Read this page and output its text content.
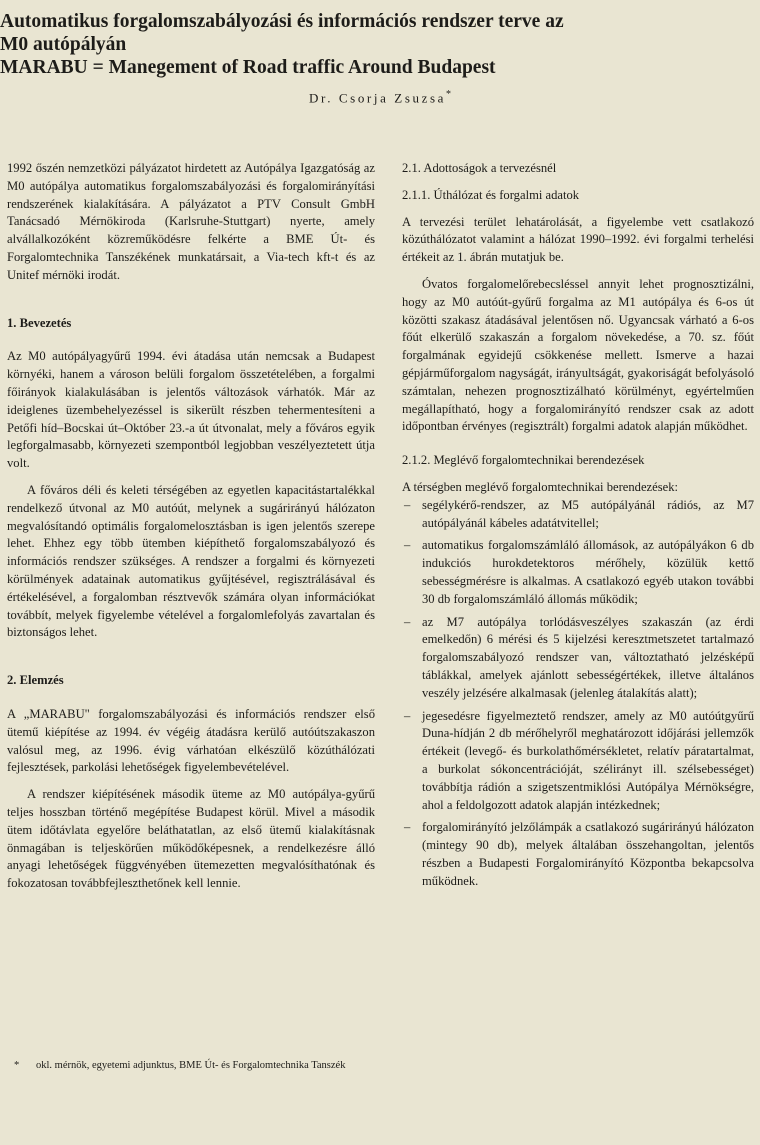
Automatikus forgalomszabályozási és információs rendszer terve az

M0 autópályán

MARABU = Manegement of Road traffic Around Budapest

Dr. Csorja Zsuzsa*

1992 őszén nemzetközi pályázatot hirdetett az Autópálya Igazgatóság az M0 autópálya automatikus forgalomszabályozási és forgalomirányítási rendszerének kialakítására. A pályázatot a PTV Consult GmbH Tanácsadó Mérnökiroda (Karlsruhe-Stuttgart) nyerte, amely alvállalkozóként közreműködésre felkérte a BME Út- és Forgalomtechnika Tanszékének munkatársait, a Via-tech kft-t és az Unitef mérnöki irodát.

1. Bevezetés

Az M0 autópályagyűrű 1994. évi átadása után nemcsak a Budapest környéki, hanem a városon belüli forgalom összetételében, a forgalmi főirányok kialakulásában is jelentős változások várhatók. Már az ideiglenes üzembehelyezéssel is sikerült részben tehermentesíteni a Petőfi híd–Bocskai út–Október 23.-a út útvonalat, mely a főváros egyik legforgalmasabb, környezeti szempontból legjobban veszélyeztetett útja volt.

A főváros déli és keleti térségében az egyetlen kapacitástartalékkal rendelkező útvonal az M0 autóút, melynek a sugárirányú hálózaton megvalósítandó optimális forgalomelosztásban is igen jelentős szerepe lehet. Ehhez egy több ütemben kiépíthető forgalomszabályozó és információs rendszer szükséges. A rendszer a forgalmi és környezeti körülmények adatainak automatikus gyűjtésével, regisztrálásával és értékelésével, a forgalomban résztvevők számára olyan információkat továbbít, melyek figyelembe vételével a forgalomlefolyás zavartalan és biztonságos lehet.

2. Elemzés

A „MARABU" forgalomszabályozási és információs rendszer első ütemű kiépítése az 1994. év végéig átadásra kerülő autóútszakaszon valósul meg, az 1996. évig várhatóan elkészülő közúthálózati fejlesztések, parkolási lehetőségek figyelembevételével.

A rendszer kiépítésének második üteme az M0 autópálya-gyűrű teljes hosszban történő megépítése Budapest körül. Mivel a második ütem időtávlata egyelőre beláthatatlan, az első ütemű kialakításnak önmagában is teljeskörűen működőképesnek, a rendelkezésre álló anyagi lehetőségek függvényében ütemezetten megvalósíthatónak és fokozatosan továbbfejleszthetőnek kell lennie.

2.1. Adottoságok a tervezésnél

2.1.1. Úthálózat és forgalmi adatok

A tervezési terület lehatárolását, a figyelembe vett csatlakozó közúthálózatot valamint a hálózat 1990–1992. évi forgalmi terhelési értékeit az 1. ábrán mutatjuk be.

Óvatos forgalomelőrebecsléssel annyit lehet prognosztizálni, hogy az M0 autóút-gyűrű forgalma az M1 autópálya és 6-os út közötti szakasz átadásával jelentősen nő. Ugyancsak várható a 6-os főút elkerülő szakaszán a forgalom növekedése, a 70. sz. főút forgalmának egyidejű csökkenése mellett. Ismerve a hazai gépjárműforgalom nagyságát, irányultságát, gyakoriságát befolyásoló számtalan, nehezen prognosztizálható körülményt, egyértelműen megállapítható, hogy a forgalomirányító rendszer csak az adott időpontban érvényes (regisztrált) forgalmi adatok alapján működhet.

2.1.2. Meglévő forgalomtechnikai berendezések

A térségben meglévő forgalomtechnikai berendezések:

– segélykérő-rendszer, az M5 autópályánál rádiós, az M7 autópályánál kábeles adatátvitellel;
– automatikus forgalomszámláló állomások, az autópályákon 6 db indukciós hurokdetektoros mérőhely, közülük kettő sebességmérésre is alkalmas. A csatlakozó egyéb utakon további 30 db forgalomszámláló állomás működik;
– az M7 autópálya torlódásveszélyes szakaszán (az érdi emelkedőn) 6 mérési és 5 kijelzési keresztmetszetet tartalmazó forgalomszabályozó rendszer van, változtatható jelzésképű táblákkal, amelyek ajánlott sebességértékek, illetve általános veszély jelzésére alkalmasak (jelenleg átalakítás alatt);
– jegesedésre figyelmeztető rendszer, amely az M0 autóútgyűrű Duna-hídján 2 db mérőhelyről meghatározott időjárási jellemzők értékeit (levegő- és burkolathőmérsékletet, relatív páratartalmat, a burkolat sókoncentrációját, szélirányt ill. szélsebességet) továbbítja rádión a szigetszentmiklósi Autópálya Mérnökségre, ahol a feldolgozott adatok alapján intézkednek;
– forgalomirányító jelzőlámpák a csatlakozó sugárirányú hálózaton (mintegy 90 db), melyek általában összehangoltan, jelentős részben a Budapesti Forgalomirányító Központba bekapcsolva működnek.
* okl. mérnök, egyetemi adjunktus, BME Út- és Forgalomtechnika Tanszék
